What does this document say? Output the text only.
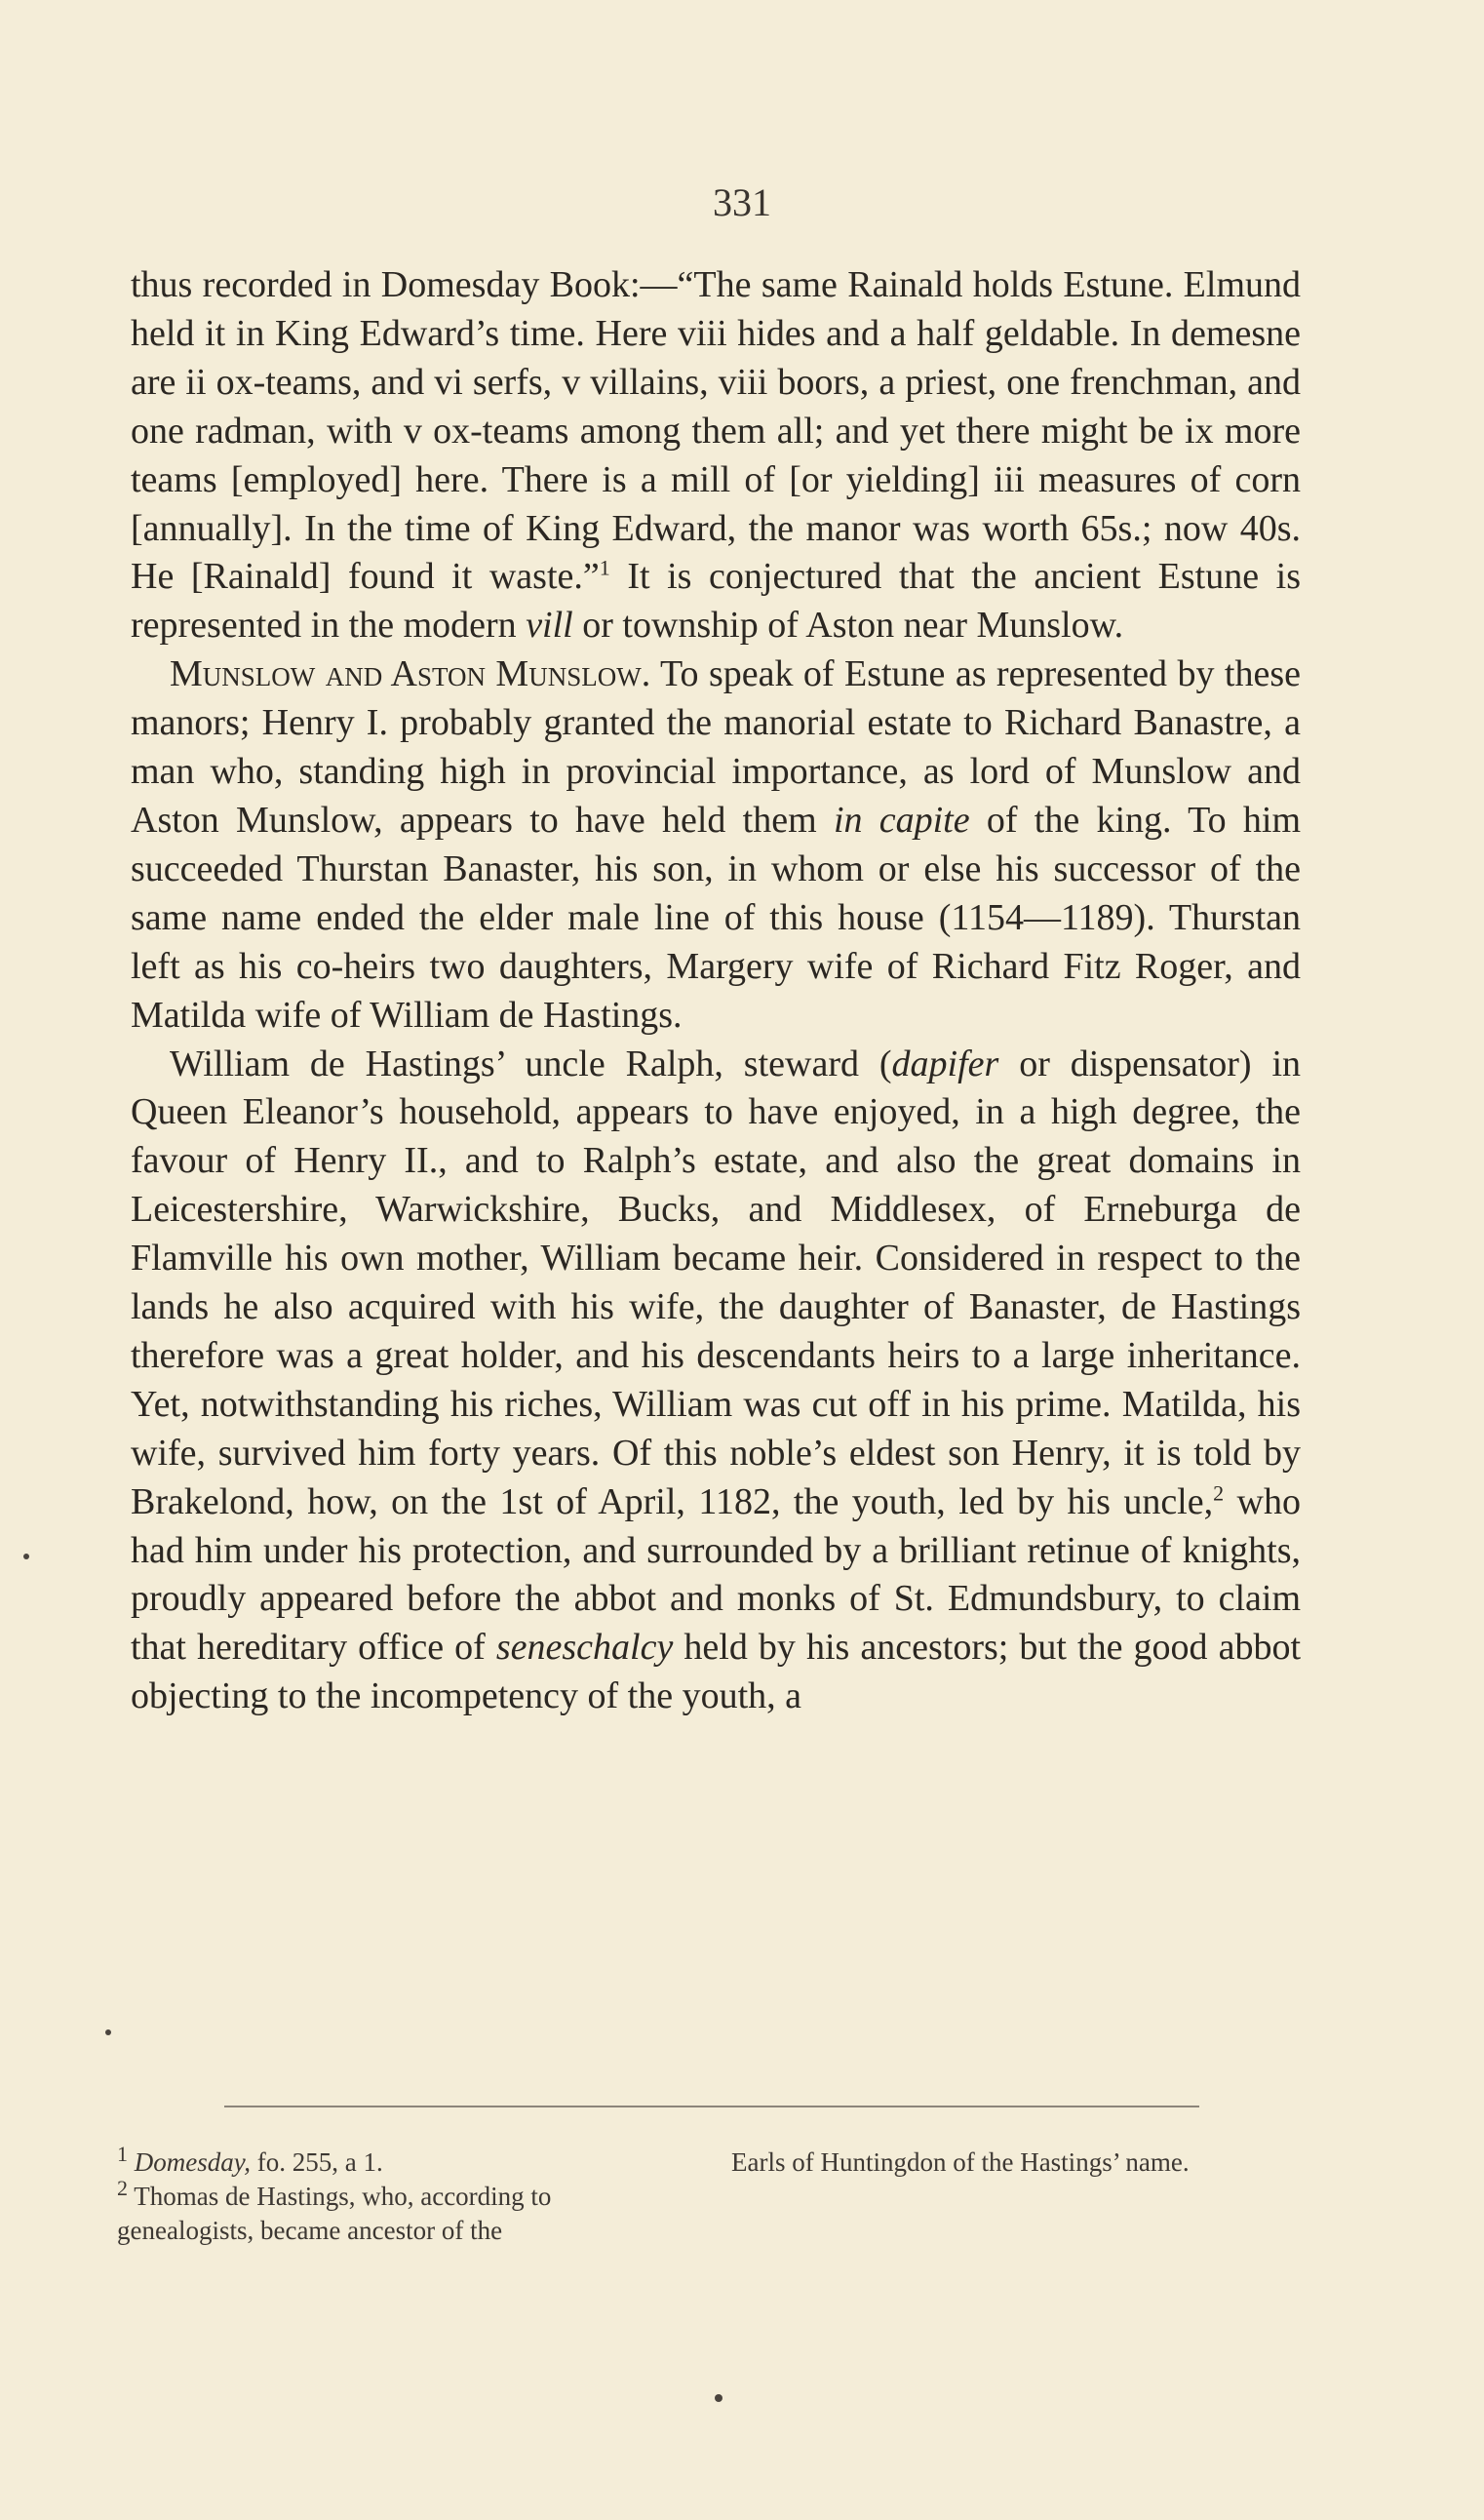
331

thus recorded in Domesday Book:—“The same Rainald holds Estune. Elmund held it in King Edward’s time. Here viii hides and a half geldable. In demesne are ii ox-teams, and vi serfs, v villains, viii boors, a priest, one frenchman, and one radman, with v ox-teams among them all; and yet there might be ix more teams [employed] here. There is a mill of [or yielding] iii measures of corn [annually]. In the time of King Edward, the manor was worth 65s.; now 40s. He [Rainald] found it waste.”$^1$ It is conjectured that the ancient Estune is represented in the modern vill or township of Aston near Munslow.

Munslow and Aston Munslow. To speak of Estune as represented by these manors; Henry I. probably granted the manorial estate to Richard Banastre, a man who, standing high in provincial importance, as lord of Munslow and Aston Munslow, appears to have held them in capite of the king. To him succeeded Thurstan Banaster, his son, in whom or else his successor of the same name ended the elder male line of this house (1154—1189). Thurstan left as his co-heirs two daughters, Margery wife of Richard Fitz Roger, and Matilda wife of William de Hastings.

William de Hastings’ uncle Ralph, steward (dapifer or dispensator) in Queen Eleanor’s household, appears to have enjoyed, in a high degree, the favour of Henry II., and to Ralph’s estate, and also the great domains in Leicestershire, Warwickshire, Bucks, and Middlesex, of Erneburga de Flamville his own mother, William became heir. Considered in respect to the lands he also acquired with his wife, the daughter of Banaster, de Hastings therefore was a great holder, and his descendants heirs to a large inheritance. Yet, notwithstanding his riches, William was cut off in his prime. Matilda, his wife, survived him forty years. Of this noble’s eldest son Henry, it is told by Brakelond, how, on the 1st of April, 1182, the youth, led by his uncle,$^2$ who had him under his protection, and surrounded by a brilliant retinue of knights, proudly appeared before the abbot and monks of St. Edmundsbury, to claim that hereditary office of seneschalcy held by his ancestors; but the good abbot objecting to the incompetency of the youth, a

$^1$ Domesday, fo. 255, a 1.

$^2$ Thomas de Hastings, who, according to genealogists, became ancestor of the

Earls of Huntingdon of the Hastings’ name.
